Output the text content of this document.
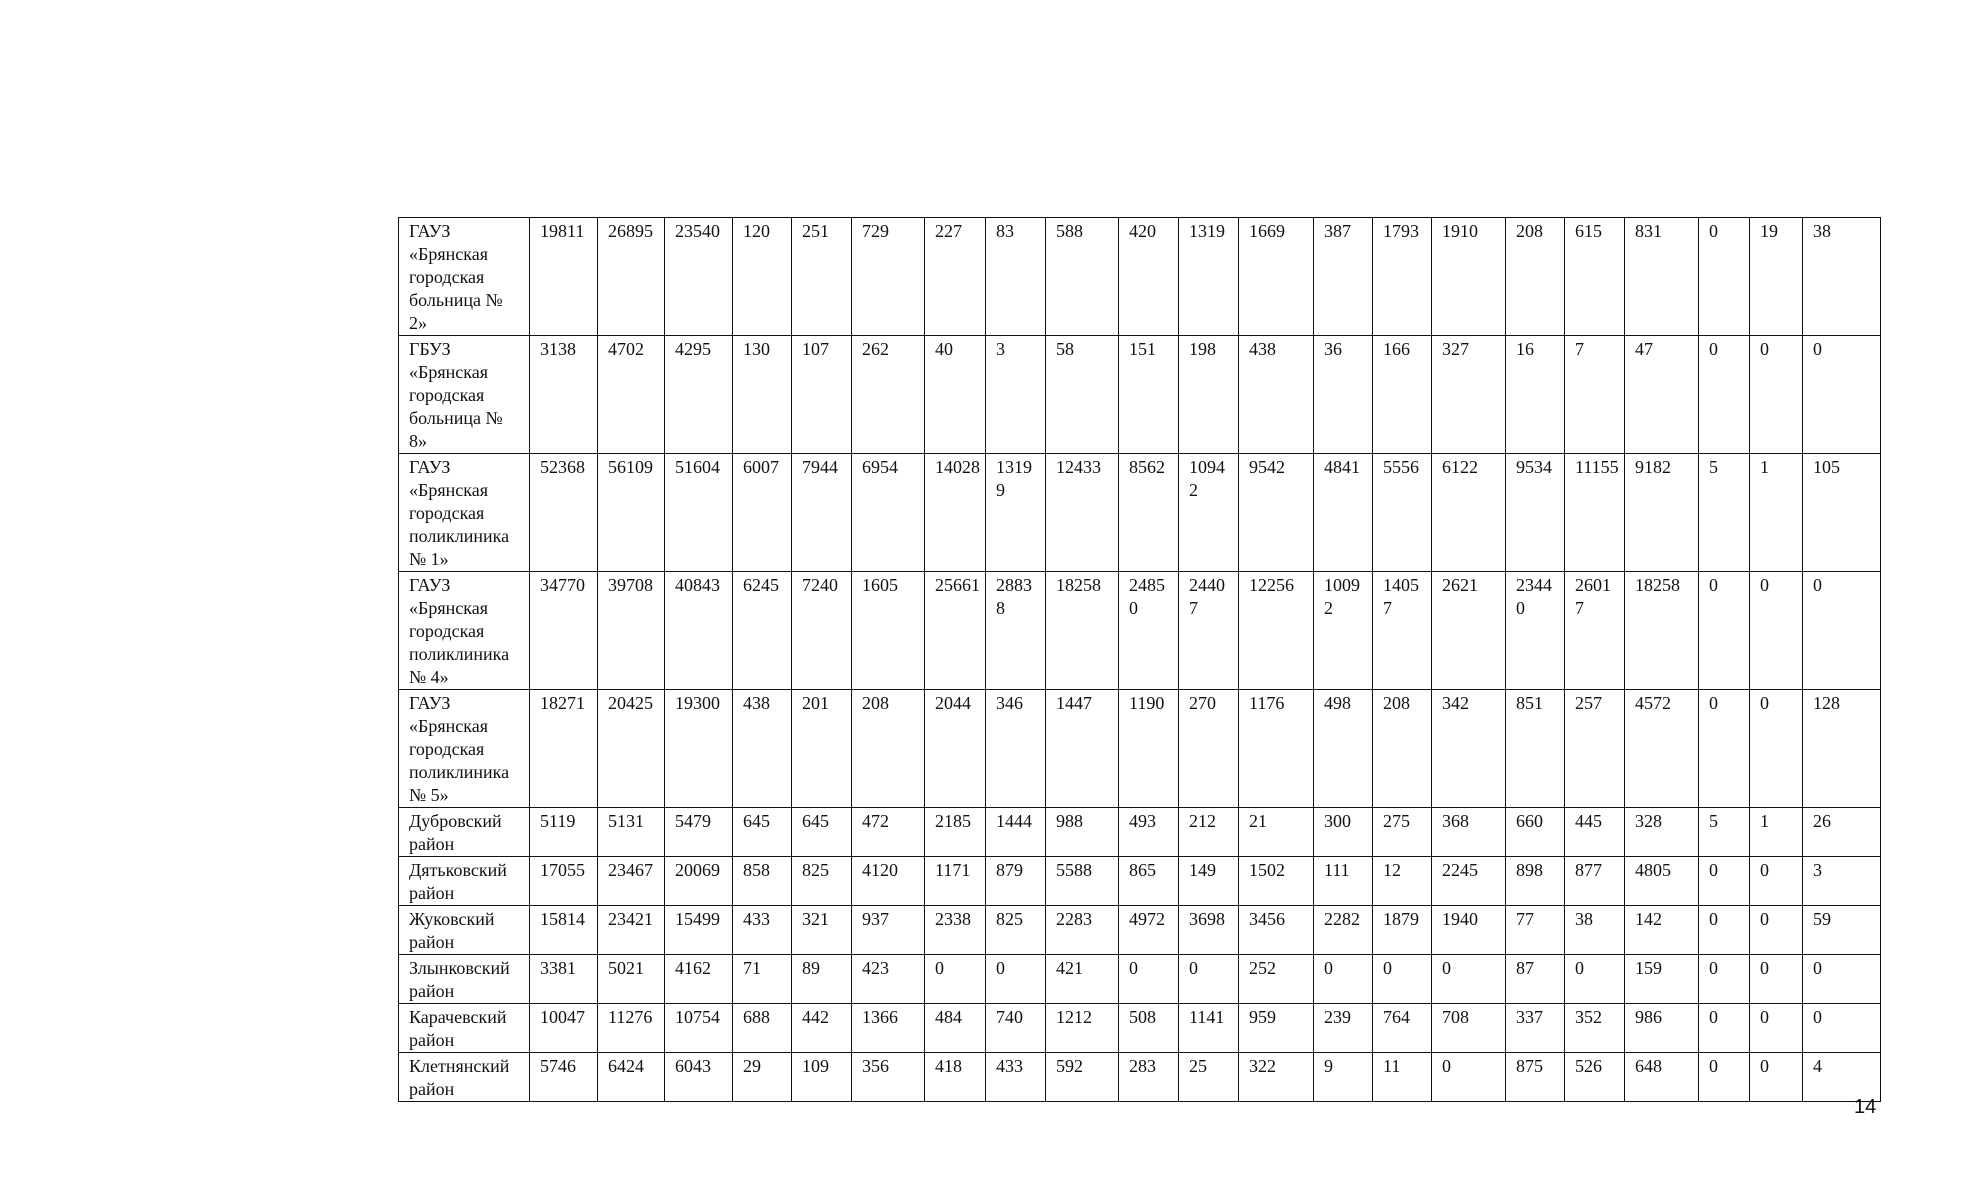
ГАУЗ «Брянская городская больница № 2»	19811	26895	23540	120	251	729	227	83	588	420	1319	1669	387	1793	1910	208	615	831	0	19	38
ГБУЗ «Брянская городская больница № 8»	3138	4702	4295	130	107	262	40	3	58	151	198	438	36	166	327	16	7	47	0	0	0
ГАУЗ «Брянская городская поликлиника № 1»	52368	56109	51604	6007	7944	6954	14028	13199	12433	8562	10942	9542	4841	5556	6122	9534	11155	9182	5	1	105
ГАУЗ «Брянская городская поликлиника № 4»	34770	39708	40843	6245	7240	1605	25661	28838	18258	24850	24407	12256	10092	14057	2621	23440	26017	18258	0	0	0
ГАУЗ «Брянская городская поликлиника № 5»	18271	20425	19300	438	201	208	2044	346	1447	1190	270	1176	498	208	342	851	257	4572	0	0	128
Дубровский район	5119	5131	5479	645	645	472	2185	1444	988	493	212	21	300	275	368	660	445	328	5	1	26
Дятьковский район	17055	23467	20069	858	825	4120	1171	879	5588	865	149	1502	111	12	2245	898	877	4805	0	0	3
Жуковский район	15814	23421	15499	433	321	937	2338	825	2283	4972	3698	3456	2282	1879	1940	77	38	142	0	0	59
Злынковский район	3381	5021	4162	71	89	423	0	0	421	0	0	252	0	0	0	87	0	159	0	0	0
Карачевский район	10047	11276	10754	688	442	1366	484	740	1212	508	1141	959	239	764	708	337	352	986	0	0	0
Клетнянский район	5746	6424	6043	29	109	356	418	433	592	283	25	322	9	11	0	875	526	648	0	0	4
14
